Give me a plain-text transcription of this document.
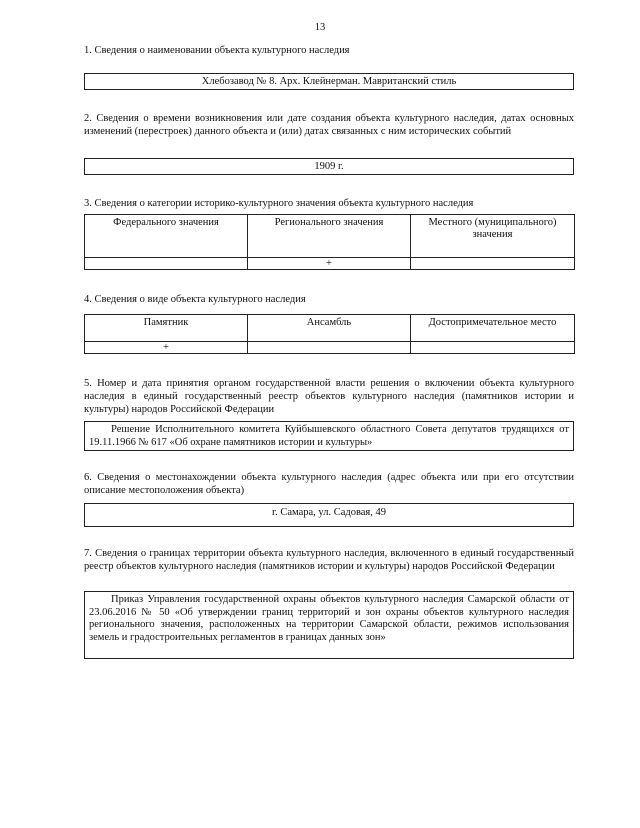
13
1. Сведения о наименовании объекта культурного наследия
Хлебозавод № 8. Арх. Клейнерман. Мавританский стиль
2. Сведения о времени возникновения или дате создания объекта культурного наследия, датах основных изменений (перестроек) данного объекта и (или) датах связанных с ним исторических событий
1909 г.
3. Сведения о категории историко-культурного значения объекта культурного наследия
Федерального значения	Регионального значения	Местного (муниципального) значения
	+	
4. Сведения о виде объекта культурного наследия
Памятник	Ансамбль	Достопримечательное место
+		
5. Номер и дата принятия органом государственной власти решения о включении объекта культурного наследия в единый государственный реестр объектов культурного наследия (памятников истории и культуры) народов Российской Федерации
Решение Исполнительного комитета Куйбышевского областного Совета депутатов трудящихся от 19.11.1966 № 617 «Об охране памятников истории и культуры»
6. Сведения о местонахождении объекта культурного наследия (адрес объекта или при его отсутствии описание местоположения объекта)
г. Самара, ул. Садовая, 49
7. Сведения о границах территории объекта культурного наследия, включенного в единый государственный реестр объектов культурного наследия (памятников истории и культуры) народов Российской Федерации
Приказ Управления государственной охраны объектов культурного наследия Самарской области от 23.06.2016 № 50 «Об утверждении границ территорий и зон охраны объектов культурного наследия регионального значения, расположенных на территории Самарской области, режимов использования земель и градостроительных регламентов в границах данных зон»
